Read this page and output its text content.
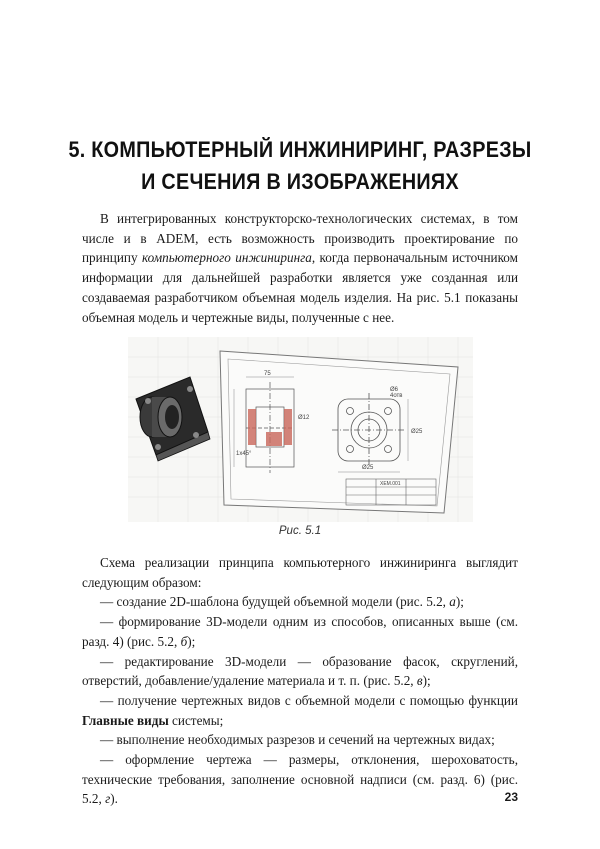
5. КОМПЬЮТЕРНЫЙ ИНЖИНИРИНГ, РАЗРЕЗЫ
И СЕЧЕНИЯ В ИЗОБРАЖЕНИЯХ

В интегрированных конструкторско-технологических системах, в том числе и в ADEM, есть возможность производить проектирование по принципу компьютерного инжиниринга, когда первоначальным источником информации для дальнейшей разработки является уже созданная или создаваемая разработчиком объемная модель изделия. На рис. 5.1 показаны объемная модель и чертежные виды, полученные с нее.

Ø6
4отв
1х45°
Ø25
75
Ø12
Ø25
ХЕМ.001
Рис. 5.1

Схема реализации принципа компьютерного инжиниринга выглядит следующим образом:

— создание 2D-шаблона будущей объемной модели (рис. 5.2, а);

— формирование 3D-модели одним из способов, описанных выше (см. разд. 4) (рис. 5.2, б);

— редактирование 3D-модели — образование фасок, скруглений, отверстий, добавление/удаление материала и т. п. (рис. 5.2, в);

— получение чертежных видов с объемной модели с помощью функции Главные виды системы;

— выполнение необходимых разрезов и сечений на чертежных видах;

— оформление чертежа — размеры, отклонения, шероховатость, технические требования, заполнение основной надписи (см. разд. 6) (рис. 5.2, г).	23
